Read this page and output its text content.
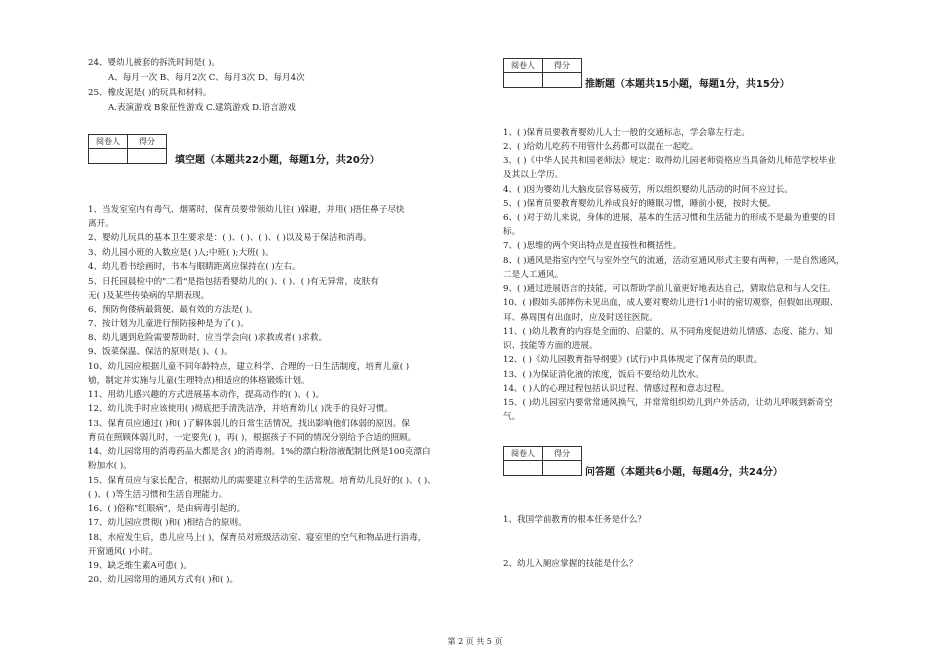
24、婴幼儿被套的拆洗时间是( )。
A、每月一次 B、每月2次 C、每月3次 D、每月4次
25、橡皮泥是( )的玩具和材料。
A.表演游戏 B象征性游戏 C.建筑游戏 D.语言游戏
阅卷人	得分

填空题（本题共22小题，每题1分，共20分）
1、当发室室内有毒气、烟雾时，保育员要带领幼儿往( )躲避，并用( )捂住鼻子尽快
离开。
2、婴幼儿玩具的基本卫生要求是：( )、( )、( )、( )以及易于保洁和消毒。
3、幼儿园小班的人数应是( )人;中班( );大班( )。
4、幼儿看书绘画时，书本与眼睛距离应保持在( )左右。
5、日托园晨检中的"二看"是指包括看婴幼儿的( )、( )、( )有无异常，皮肤有
无( )及某些传染病的早期表现。
6、预防佝偻病最简便、最有效的方法是( )。
7、按计划为儿童进行预防接种是为了( )。
8、幼儿遇到危险需要帮助时，应当学会向( )求救或者( )求救。
9、饭菜保温、保洁的原则是( )、( )。
10、幼儿园应根据儿童不同年龄特点，建立科学、合理的一日生活制度，培育儿童( )
劬，制定并实施与儿童(生理特点)相适应的体格锻炼计划。
11、用幼儿感兴趣的方式进展基本动作，提高动作的( )、( )。
12、幼儿洗手时应该使用( )彻底把手清洗洁净，并培育幼儿( )洗手的良好习惯。
13、保育员应通过( )和( )了解体弱儿的日常生活情况，找出影响他们体弱的原因。保
育员在照顾体弱儿时，一定要先( )，再( )，根据孩子不同的情况分别给予合适的照顾。
14、幼儿园常用的消毒药品大都是含( )的消毒剂。1%的漂白粉溶液配制比例是100克漂白
粉加水( )。
15、保育员应与家长配合，根据幼儿的需要建立科学的生活常规。培育幼儿良好的( )、( )、
( )、( )等生活习惯和生活自理能力。
16、( )俗称"红眼病"，是由病毒引起的。
17、幼儿园应贯彻( )和( )相结合的原则。
18、水痘发生后，患儿应马上( )，保育员对班级活动室、寝室里的空气和物品进行消毒，
开窗通风( )小时。
19、缺乏维生素A可患( )。
20、幼儿园常用的通风方式有( )和( )。
阅卷人	得分

推断题（本题共15小题，每题1分，共15分）
1、( )保育员要教育婴幼儿人士一般的交通标志，学会靠左行走。
2、( )给幼儿吃药不用管什么药都可以混在一起吃。
3、( )《中华人民共和国老师法》规定：取得幼儿园老师资格应当具备幼儿师范学校毕业
及其以上学历。
4、( )因为婴幼儿大脑皮层容易疲劳，所以组织婴幼儿活动的时间不应过长。
5、( )保育员要教育婴幼儿养成良好的睡眠习惯，睡前小便，按时大便。
6、( )对于幼儿来说，身体的进展，基本的生活习惯和生活能力的形成不是最为重要的目
标。
7、( )思维的两个突出特点是直接性和概括性。
8、( )通风是指室内空气与室外空气的流通，活动室通风形式主要有两种，一是自然通风，
二是人工通风。
9、( )通过进展语言的技能，可以帮助学前儿童更好地表达自己，猜取信息和与人交往。
10、( )假如头部摔伤未见出血，成人要对婴幼儿进行1小时的密切观察，但假如出现眼、
耳、鼻周围有出血时，应及时送往医院。
11、( )幼儿教育的内容是全面的、启蒙的、从不同角度促进幼儿情感、态度、能力、知
识、技能等方面的进展。
12、( )《幼儿园教育指导纲要》(试行)中具体规定了保育员的职责。
13、( )为保证消化液的浓度，饭后不要给幼儿饮水。
14、( )人的心理过程包括认识过程、情感过程和意志过程。
15、( )幼儿园室内要常常通风换气，并常常组织幼儿到户外活动，让幼儿呼吸到新奇空
气。
阅卷人	得分

问答题（本题共6小题，每题4分，共24分）
1、我国学前教育的根本任务是什么？
2、幼儿入厕应掌握的技能是什么？
第 2 页 共 5 页
